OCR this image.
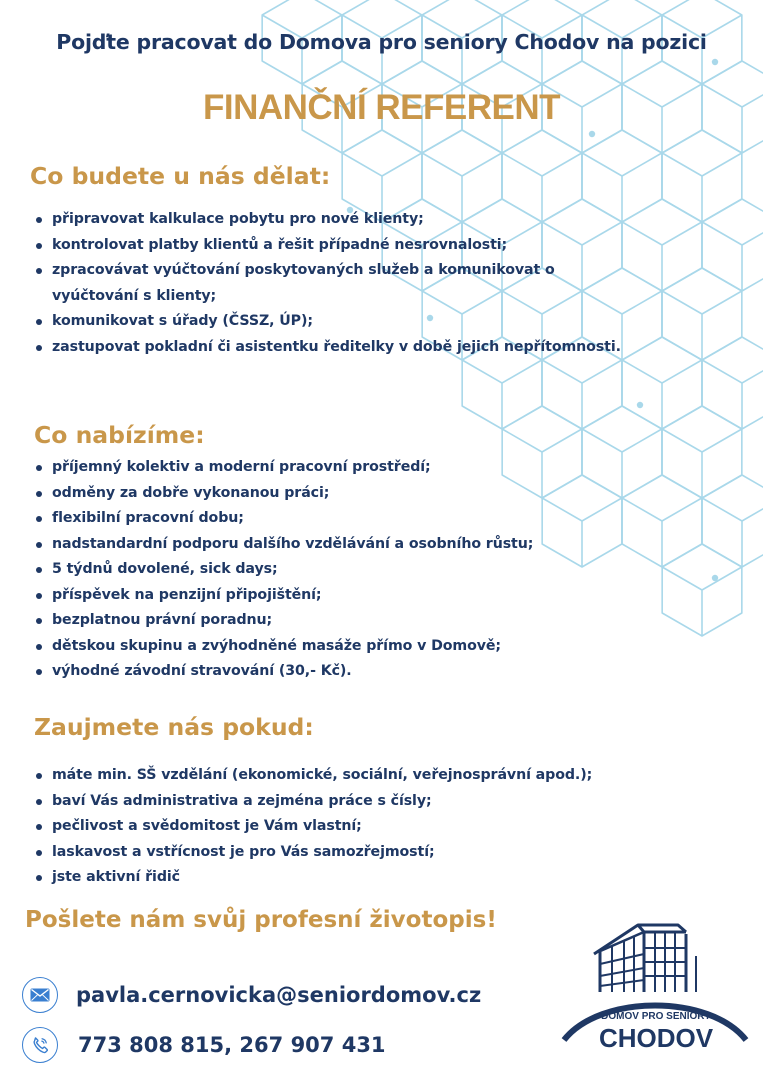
Pojďte pracovat do Domova pro seniory Chodov na pozici
FINANČNÍ REFERENT
Co budete u nás dělat:
připravovat kalkulace pobytu pro nové klienty;
kontrolovat platby klientů a řešit případné nesrovnalosti;
zpracovávat vyúčtování poskytovaných služeb a komunikovat o vyúčtování s klienty;
komunikovat s úřady (ČSSZ, ÚP);
zastupovat pokladní či asistentku ředitelky v době jejich nepřítomnosti.
Co nabízíme:
příjemný kolektiv a moderní pracovní prostředí;
odměny za dobře vykonanou práci;
flexibilní pracovní dobu;
nadstandardní podporu dalšího vzdělávání a osobního růstu;
5 týdnů dovolené, sick days;
příspěvek na penzijní připojištění;
bezplatnou právní poradnu;
dětskou skupinu a zvýhodněné masáže přímo v Domově;
výhodné závodní stravování (30,- Kč).
Zaujmete nás pokud:
máte min. SŠ vzdělání (ekonomické, sociální, veřejnosprávní apod.);
baví Vás administrativa a zejména práce s čísly;
pečlivost a svědomitost je Vám vlastní;
laskavost a vstřícnost je pro Vás samozřejmostí;
jste aktivní řidič
Pošlete nám svůj profesní životopis!
pavla.cernovicka@seniordomov.cz
773 808 815, 267 907 431
DOMOV PRO SENIORY
CHODOV
